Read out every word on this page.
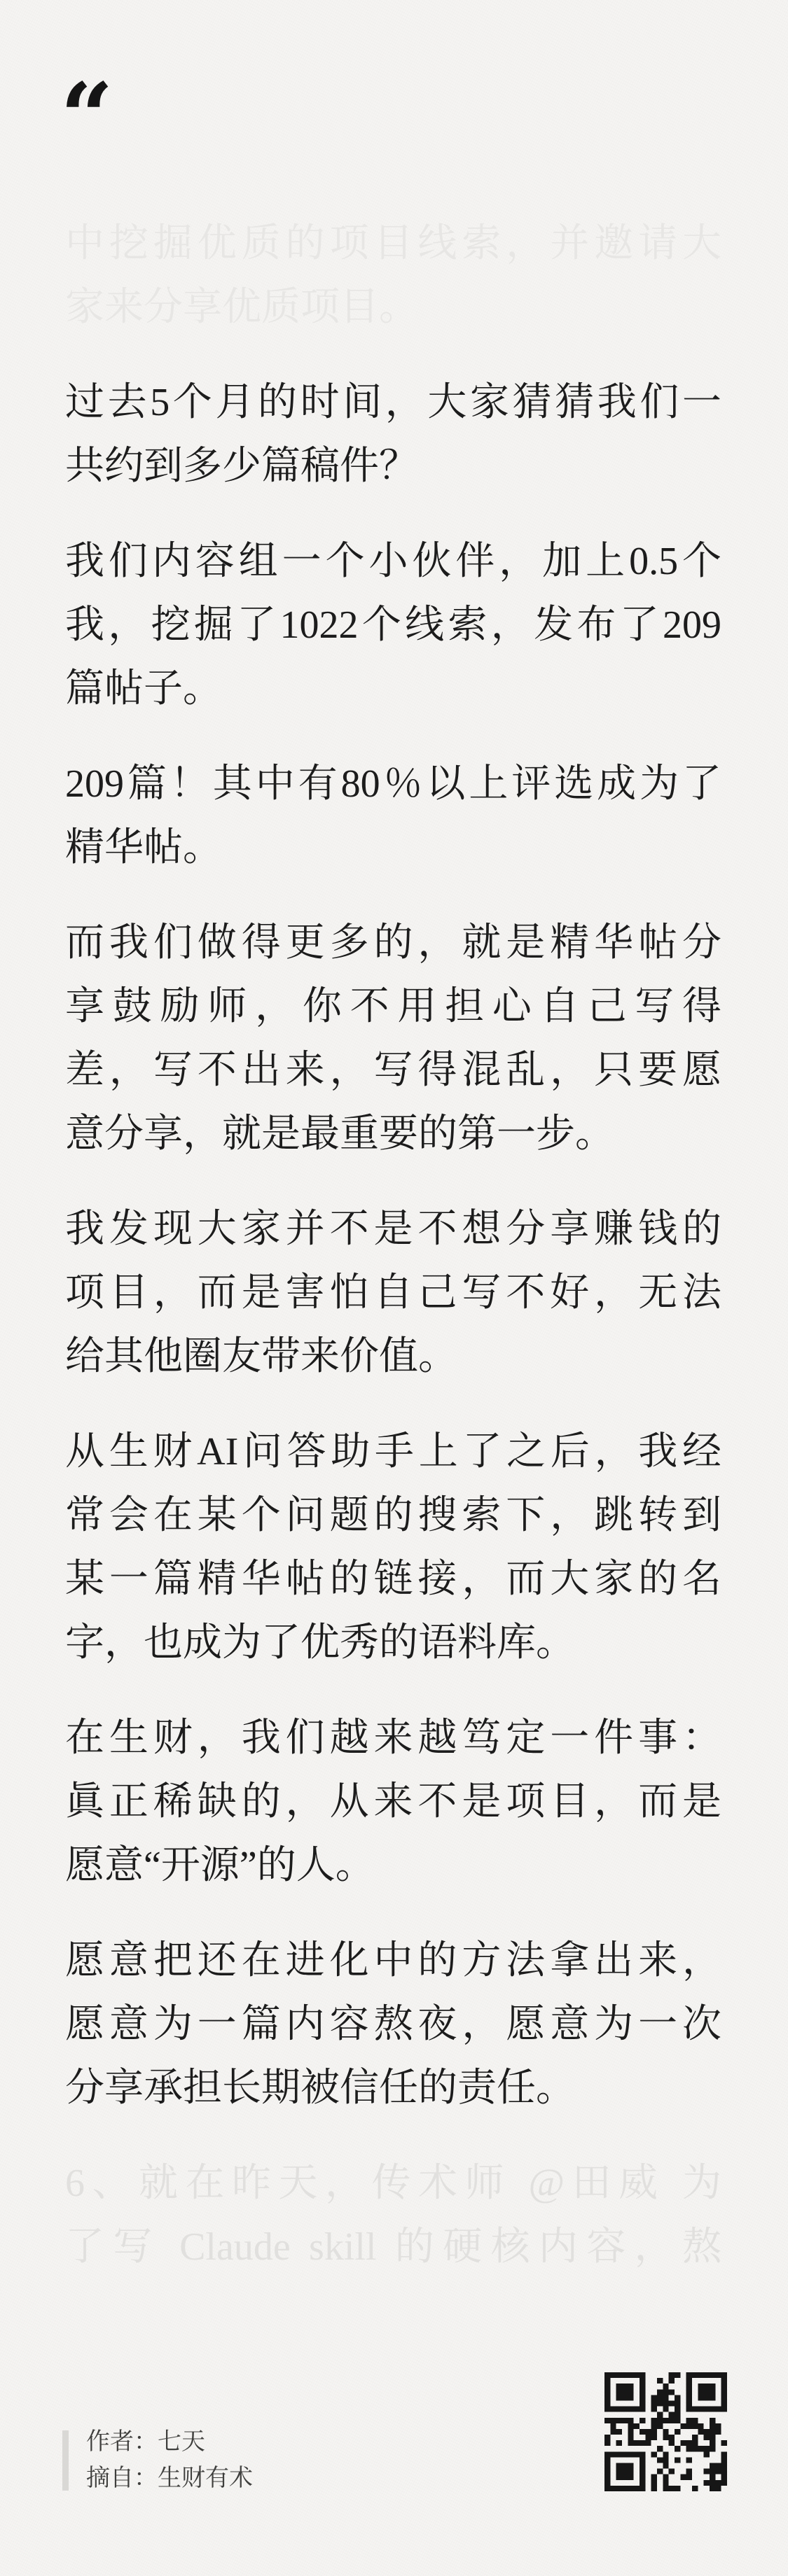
“
中挖掘优质的项目线索，并邀请大
家来分享优质项目。
过去5个月的时间，大家猜猜我们一
共约到多少篇稿件？
我们内容组一个小伙伴，加上0.5个
我，挖掘了1022个线索，发布了209
篇帖子。
209篇！其中有80％以上评选成为了
精华帖。
而我们做得更多的，就是精华帖分
享鼓励师，你不用担心自己写得
差，写不出来，写得混乱，只要愿
意分享，就是最重要的第一步。
我发现大家并不是不想分享赚钱的
项目，而是害怕自己写不好，无法
给其他圈友带来价值。
从生财AI问答助手上了之后，我经
常会在某个问题的搜索下，跳转到
某一篇精华帖的链接，而大家的名
字，也成为了优秀的语料库。
在生财，我们越来越笃定一件事：
眞正稀缺的，从来不是项目，而是
愿意“开源”的人。
愿意把还在进化中的方法拿出来，
愿意为一篇内容熬夜，愿意为一次
分享承担长期被信任的责任。
6、就在昨天，传术师 @田威 为
了写 Claude skill 的硬核内容，熬
作者：七天
摘自：生财有术
